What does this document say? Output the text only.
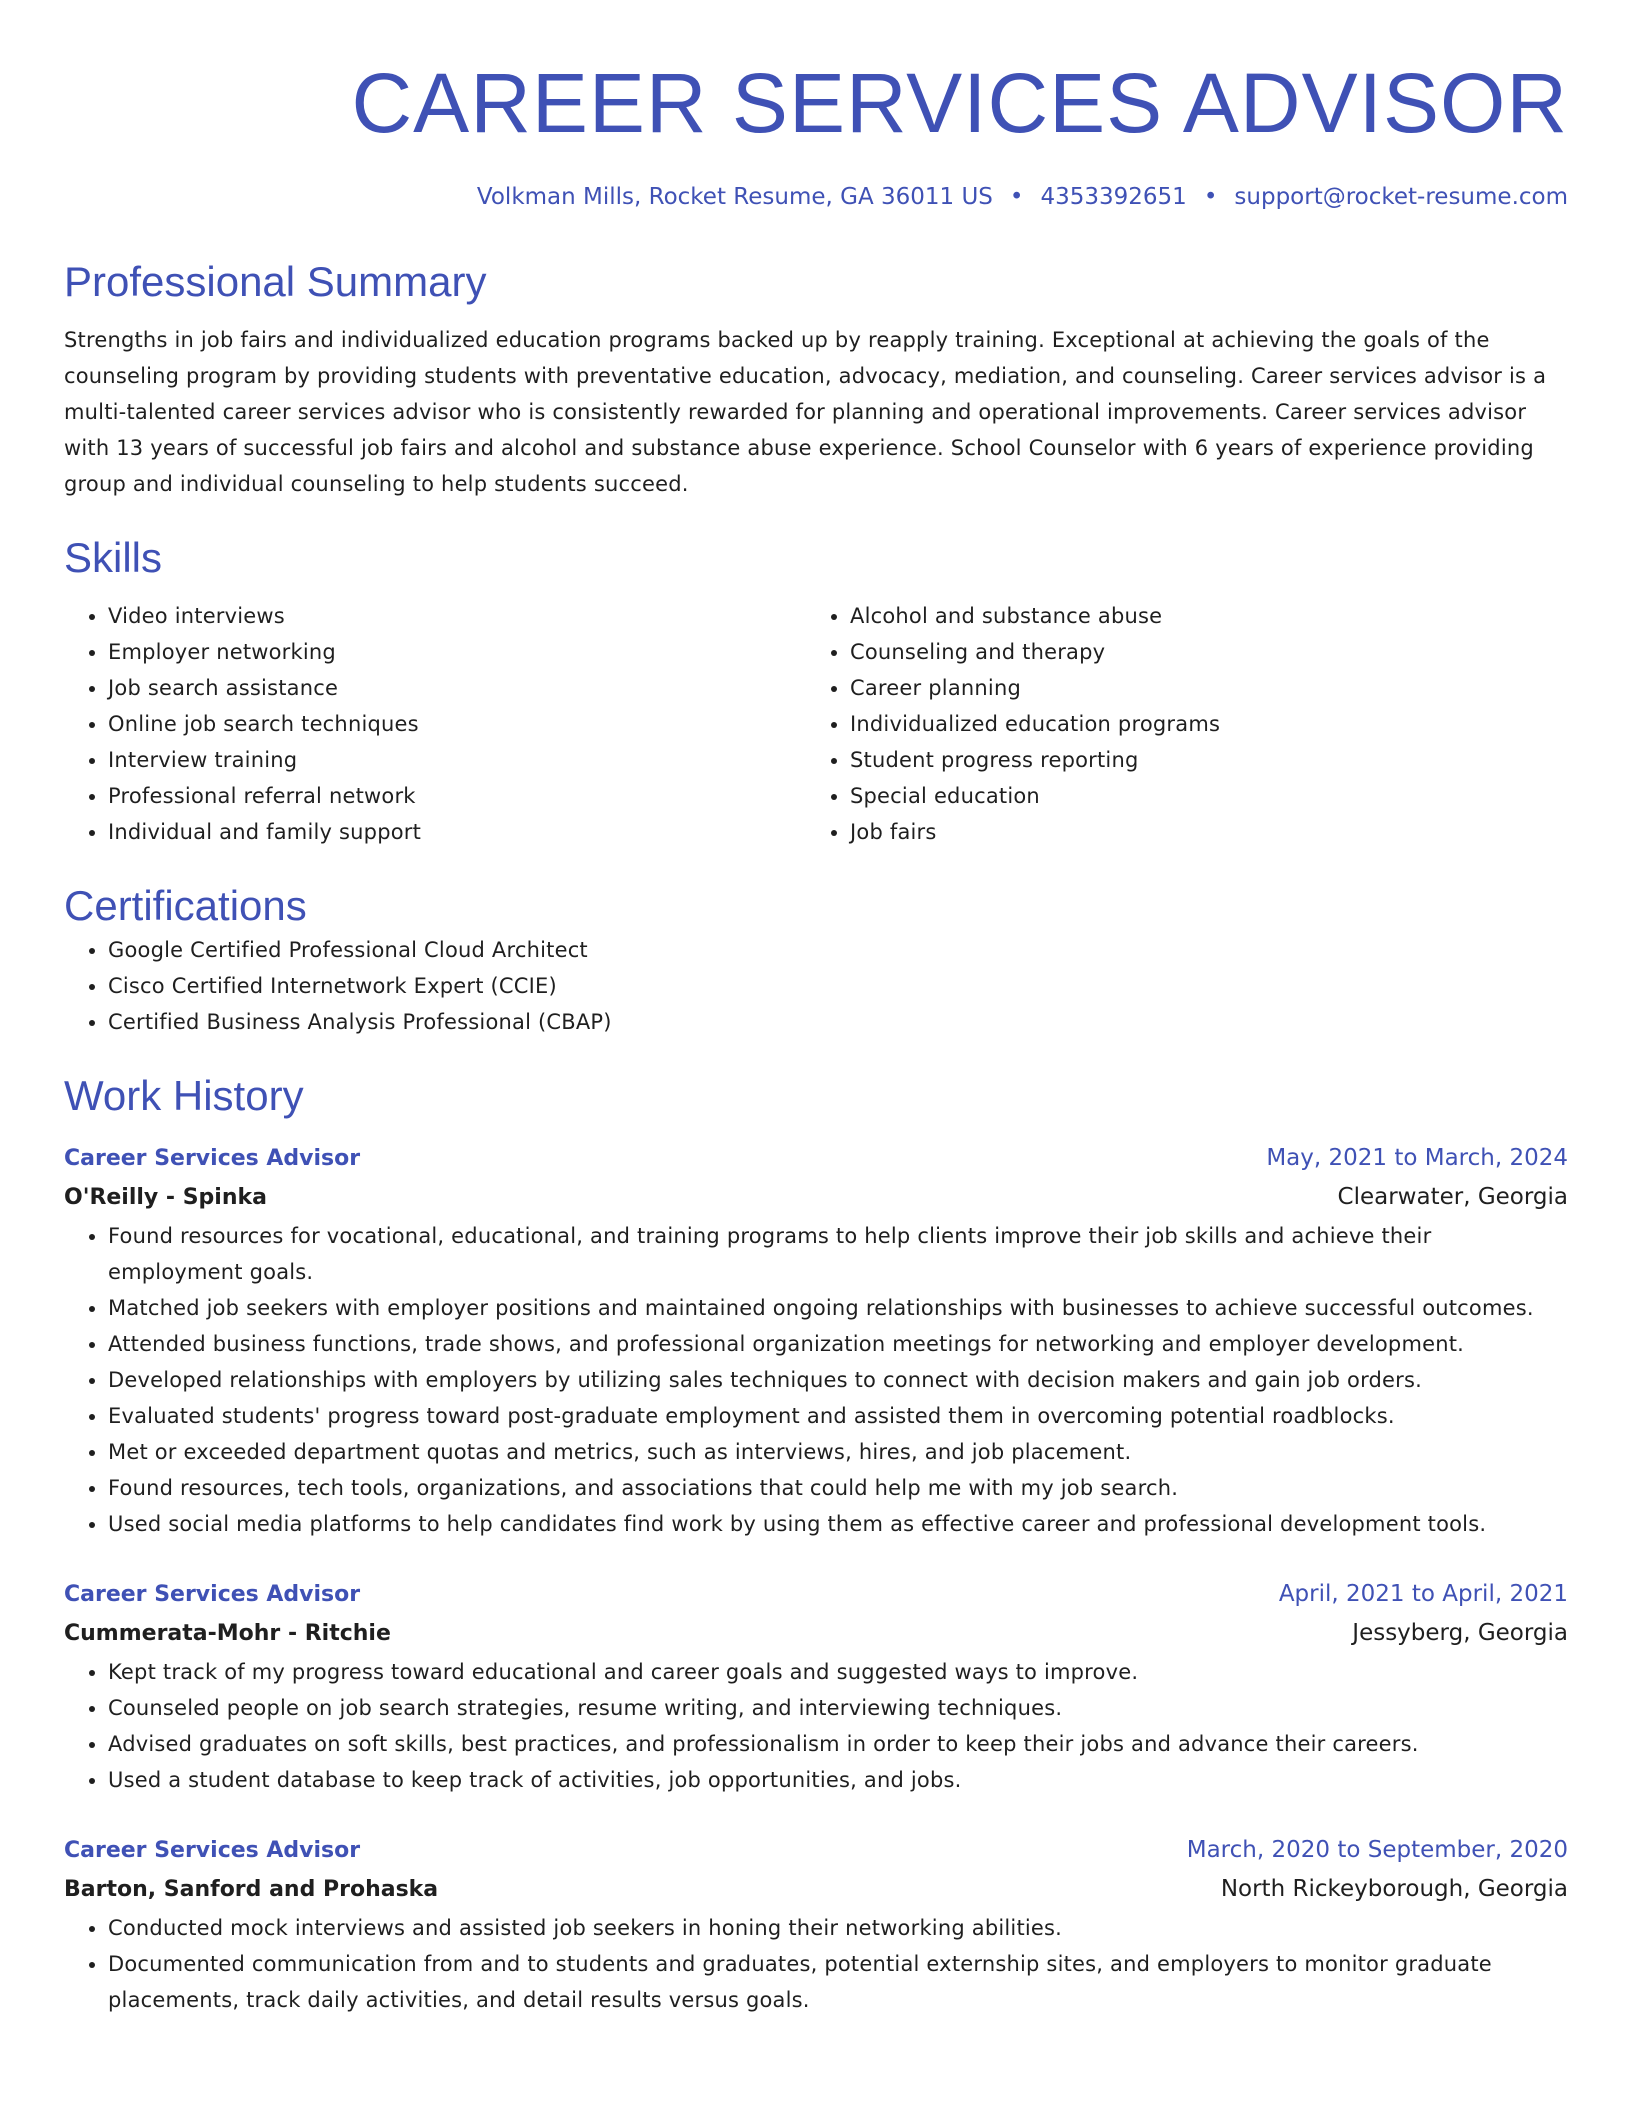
CAREER SERVICES ADVISOR
Volkman Mills, Rocket Resume, GA 36011 US • 4353392651 • support@rocket-resume.com
Professional Summary

Strengths in job fairs and individualized education programs backed up by reapply training. Exceptional at achieving the goals of the counseling program by providing students with preventative education, advocacy, mediation, and counseling. Career services advisor is a multi-talented career services advisor who is consistently rewarded for planning and operational improvements. Career services advisor with 13 years of successful job fairs and alcohol and substance abuse experience. School Counselor with 6 years of experience providing group and individual counseling to help students succeed.

Skills
• Video interviews
• Employer networking
• Job search assistance
• Online job search techniques
• Interview training
• Professional referral network
• Individual and family support
• Alcohol and substance abuse
• Counseling and therapy
• Career planning
• Individualized education programs
• Student progress reporting
• Special education
• Job fairs
Certifications
• Google Certified Professional Cloud Architect
• Cisco Certified Internetwork Expert (CCIE)
• Certified Business Analysis Professional (CBAP)
Work History
Career Services Advisor	May, 2021 to March, 2024
O'Reilly - Spinka	Clearwater, Georgia
• Found resources for vocational, educational, and training programs to help clients improve their job skills and achieve their employment goals.
• Matched job seekers with employer positions and maintained ongoing relationships with businesses to achieve successful outcomes.
• Attended business functions, trade shows, and professional organization meetings for networking and employer development.
• Developed relationships with employers by utilizing sales techniques to connect with decision makers and gain job orders.
• Evaluated students' progress toward post-graduate employment and assisted them in overcoming potential roadblocks.
• Met or exceeded department quotas and metrics, such as interviews, hires, and job placement.
• Found resources, tech tools, organizations, and associations that could help me with my job search.
• Used social media platforms to help candidates find work by using them as effective career and professional development tools.
Career Services Advisor	April, 2021 to April, 2021
Cummerata-Mohr - Ritchie	Jessyberg, Georgia
• Kept track of my progress toward educational and career goals and suggested ways to improve.
• Counseled people on job search strategies, resume writing, and interviewing techniques.
• Advised graduates on soft skills, best practices, and professionalism in order to keep their jobs and advance their careers.
• Used a student database to keep track of activities, job opportunities, and jobs.
Career Services Advisor	March, 2020 to September, 2020
Barton, Sanford and Prohaska	North Rickeyborough, Georgia
• Conducted mock interviews and assisted job seekers in honing their networking abilities.
• Documented communication from and to students and graduates, potential externship sites, and employers to monitor graduate placements, track daily activities, and detail results versus goals.
